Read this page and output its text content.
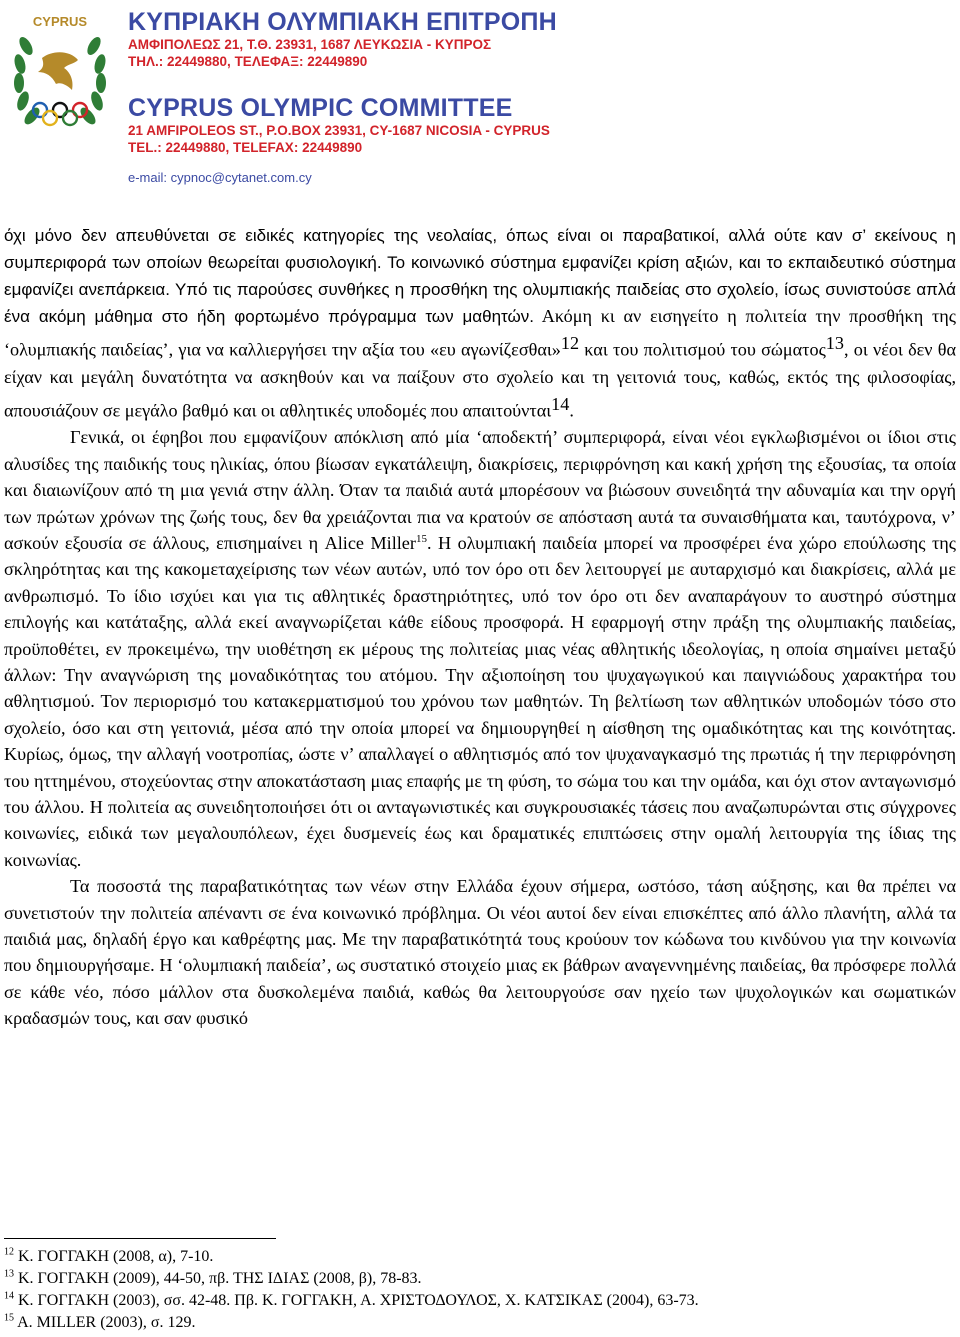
CYPRUS ΚΥΠΡΙΑΚΗ ΟΛΥΜΠΙΑΚΗ ΕΠΙΤΡΟΠΗ
ΑΜΦΙΠΟΛΕΩΣ 21, Τ.Θ. 23931, 1687 ΛΕΥΚΩΣΙΑ - ΚΥΠΡΟΣ
ΤΗΛ.: 22449880, ΤΕΛΕΦΑΞ: 22449890
CYPRUS OLYMPIC COMMITTEE
21 AMFIPOLEOS ST., P.O.BOX 23931, CY-1687 NICOSIA - CYPRUS
TEL.: 22449880, TELEFAX: 22449890
e-mail: cypnoc@cytanet.com.cy

όχι μόνο δεν απευθύνεται σε ειδικές κατηγορίες της νεολαίας, όπως είναι οι παραβατικοί, αλλά ούτε καν σ’ εκείνους η συμπεριφορά των οποίων θεωρείται φυσιολογική. Το κοινωνικό σύστημα εμφανίζει κρίση αξιών, και το εκπαιδευτικό σύστημα εμφανίζει ανεπάρκεια. Υπό τις παρούσες συνθήκες η προσθήκη της ολυμπιακής παιδείας στο σχολείο, ίσως συνιστούσε απλά ένα ακόμη μάθημα στο ήδη φορτωμένο πρόγραμμα των μαθητών. Ακόμη κι αν εισηγείτο η πολιτεία την προσθήκη της ‘ολυμπιακής παιδείας’, για να καλλιεργήσει την αξία του «ευ αγωνίζεσθαι»$^{12}$ και του πολιτισμού του σώματος$^{13}$, οι νέοι δεν θα είχαν και μεγάλη δυνατότητα να ασκηθούν και να παίξουν στο σχολείο και τη γειτονιά τους, καθώς, εκτός της φιλοσοφίας, απουσιάζουν σε μεγάλο βαθμό και οι αθλητικές υποδομές που απαιτούνται$^{14}$.

Γενικά, οι έφηβοι που εμφανίζουν απόκλιση από μία ‘αποδεκτή’ συμπεριφορά, είναι νέοι εγκλωβισμένοι οι ίδιοι στις αλυσίδες της παιδικής τους ηλικίας, όπου βίωσαν εγκατάλειψη, διακρίσεις, περιφρόνηση και κακή χρήση της εξουσίας, τα οποία και διαιωνίζουν από τη μια γενιά στην άλλη. Όταν τα παιδιά αυτά μπορέσουν να βιώσουν συνειδητά την αδυναμία και την οργή των πρώτων χρόνων της ζωής τους, δεν θα χρειάζονται πια να κρατούν σε απόσταση αυτά τα συναισθήματα και, ταυτόχρονα, ν’ ασκούν εξουσία σε άλλους, επισημαίνει η Alice Miller$^{15}$. Η ολυμπιακή παιδεία μπορεί να προσφέρει ένα χώρο επούλωσης της σκληρότητας και της κακομεταχείρισης των νέων αυτών, υπό τον όρο οτι δεν λειτουργεί με αυταρχισμό και διακρίσεις, αλλά με ανθρωπισμό. Το ίδιο ισχύει και για τις αθλητικές δραστηριότητες, υπό τον όρο οτι δεν αναπαράγουν το αυστηρό σύστημα επιλογής και κατάταξης, αλλά εκεί αναγνωρίζεται κάθε είδους προσφορά. Η εφαρμογή στην πράξη της ολυμπιακής παιδείας, προϋποθέτει, εν προκειμένω, την υιοθέτηση εκ μέρους της πολιτείας μιας νέας αθλητικής ιδεολογίας, η οποία σημαίνει μεταξύ άλλων: Την αναγνώριση της μοναδικότητας του ατόμου. Την αξιοποίηση του ψυχαγωγικού και παιγνιώδους χαρακτήρα του αθλητισμού. Τον περιορισμό του κατακερματισμού του χρόνου των μαθητών. Τη βελτίωση των αθλητικών υποδομών τόσο στο σχολείο, όσο και στη γειτονιά, μέσα από την οποία μπορεί να δημιουργηθεί η αίσθηση της ομαδικότητας και της κοινότητας. Κυρίως, όμως, την αλλαγή νοοτροπίας, ώστε ν’ απαλλαγεί ο αθλητισμός από τον ψυχαναγκασμό της πρωτιάς ή την περιφρόνηση του ηττημένου, στοχεύοντας στην αποκατάσταση μιας επαφής με τη φύση, το σώμα του και την ομάδα, και όχι στον ανταγωνισμό του άλλου. Η πολιτεία ας συνειδητοποιήσει ότι οι ανταγωνιστικές και συγκρουσιακές τάσεις που αναζωπυρώνται στις σύγχρονες κοινωνίες, ειδικά των μεγαλουπόλεων, έχει δυσμενείς έως και δραματικές επιπτώσεις στην ομαλή λειτουργία της ίδιας της κοινωνίας.

Τα ποσοστά της παραβατικότητας των νέων στην Ελλάδα έχουν σήμερα, ωστόσο, τάση αύξησης, και θα πρέπει να συνετιστούν την πολιτεία απέναντι σε ένα κοινωνικό πρόβλημα. Οι νέοι αυτοί δεν είναι επισκέπτες από άλλο πλανήτη, αλλά τα παιδιά μας, δηλαδή έργο και καθρέφτης μας. Με την παραβατικότητά τους κρούουν τον κώδωνα του κινδύνου για την κοινωνία που δημιουργήσαμε. Η ‘ολυμπιακή παιδεία’, ως συστατικό στοιχείο μιας εκ βάθρων αναγεννημένης παιδείας, θα πρόσφερε πολλά σε κάθε νέο, πόσο μάλλον στα δυσκολεμένα παιδιά, καθώς θα λειτουργούσε σαν ηχείο των ψυχολογικών και σωματικών κραδασμών τους, και σαν φυσικό

$^{12}$ Κ. ΓΟΓΓΑΚΗ (2008, α), 7-10.

$^{13}$ Κ. ΓΟΓΓΑΚΗ (2009), 44-50, πβ. ΤΗΣ ΙΔΙΑΣ (2008, β), 78-83.

$^{14}$ Κ. ΓΟΓΓΑΚΗ (2003), σσ. 42-48. Πβ. Κ. ΓΟΓΓΑΚΗ, Α. ΧΡΙΣΤΟΔΟΥΛΟΣ, Χ. ΚΑΤΣΙΚΑΣ (2004), 63-73.

$^{15}$ A. MILLER (2003), σ. 129.
